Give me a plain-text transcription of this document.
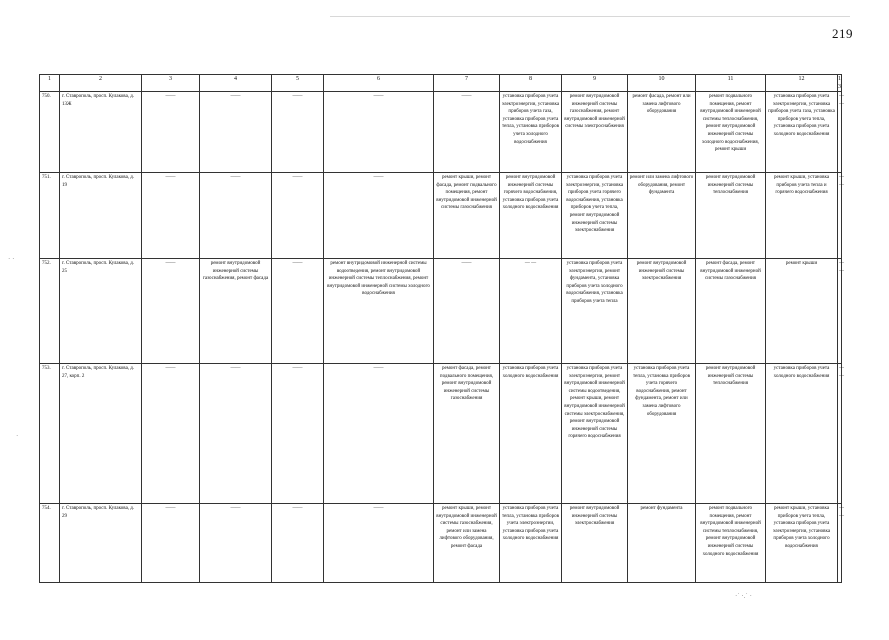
219
1	2	3	4	5	6	7	8	9	10	11	12	13
750.	г. Ставрополь, просп. Кулакова, д. 13Ж	——	——	——	——	——	установка приборов учета электроэнергии, установка приборов учета газа, установка приборов учета тепла, установка приборов учета холодного водоснабжения	ремонт внутридомовой инженерной системы газоснабжения, ремонт внутридомовой инженерной системы электроснабжения	ремонт фасада, ремонт или замена лифтового оборудования	ремонт подвального помещения, ремонт внутридомовой инженерной системы теплоснабжения, ремонт внутридомовой инженерной системы холодного водоснабжения, ремонт крыши	установка приборов учета электроэнергии, установка приборов учета газа, установка приборов учета тепла, установка приборов учета холодного водоснабжения	——
751.	г. Ставрополь, просп. Кулакова, д. 19	——	——	——	——	ремонт крыши, ремонт фасада, ремонт подвального помещения, ремонт внутридомовой инженерной системы газоснабжения	ремонт внутридомовой инженерной системы горячего водоснабжения, установка приборов учета холодного водоснабжения	установка приборов учета электроэнергии, установка приборов учета горячего водоснабжения, установка приборов учета тепла, ремонт внутридомовой инженерной системы электроснабжения	ремонт или замена лифтового оборудования, ремонт фундамента	ремонт внутридомовой инженерной системы теплоснабжения	ремонт крыши, установка приборов учета тепла и горячего водоснабжения	——
752.	г. Ставрополь, просп. Кулакова, д. 25	——	ремонт внутридомовой инженерной системы газоснабжения, ремонт фасада	——	ремонт внутридомовой инженерной системы водоотведения, ремонт внутридомовой инженерной системы теплоснабжения, ремонт внутридомовой инженерной системы холодного водоснабжения	——	— —	установка приборов учета электроэнергии, ремонт фундамента, установка приборов учета холодного водоснабжения, установка приборов учета тепла	ремонт внутридомовой инженерной системы электроснабжения	ремонт фасада, ремонт внутридомовой инженерной системы газоснабжения	ремонт крыши	——
753.	г. Ставрополь, просп. Кулакова, д. 27, корп. 2	——	——	——	——	ремонт фасада, ремонт подвального помещения, ремонт внутридомовой инженерной системы газоснабжения	установка приборов учета холодного водоснабжения	установка приборов учета электроэнергии, ремонт внутридомовой инженерной системы водоотведения, ремонт крыши, ремонт внутридомовой инженерной системы электроснабжения, ремонт внутридомовой инженерной системы горячего водоснабжения	установка приборов учета тепла, установка приборов учета горячего водоснабжения, ремонт фундамента, ремонт или замена лифтового оборудования	ремонт внутридомовой инженерной системы теплоснабжения	установка приборов учета холодного водоснабжения	——
754.	г. Ставрополь, просп. Кулакова, д. 29	——	——	——	——	ремонт крыши, ремонт внутридомовой инженерной системы газоснабжения, ремонт или замена лифтового оборудования, ремонт фасада	установка приборов учета тепла, установка приборов учета электроэнергии, установка приборов учета холодного водоснабжения	ремонт внутридомовой инженерной системы электроснабжения	ремонт фундамента	ремонт подвального помещения, ремонт внутридомовой инженерной системы теплоснабжения, ремонт внутридомовой инженерной системы холодного водоснабжения	ремонт крыши, установка приборов учета тепла, установка приборов учета электроэнергии, установка приборов учета холодного водоснабжения	——
· ·
·
·˙ ·.˙ ·
